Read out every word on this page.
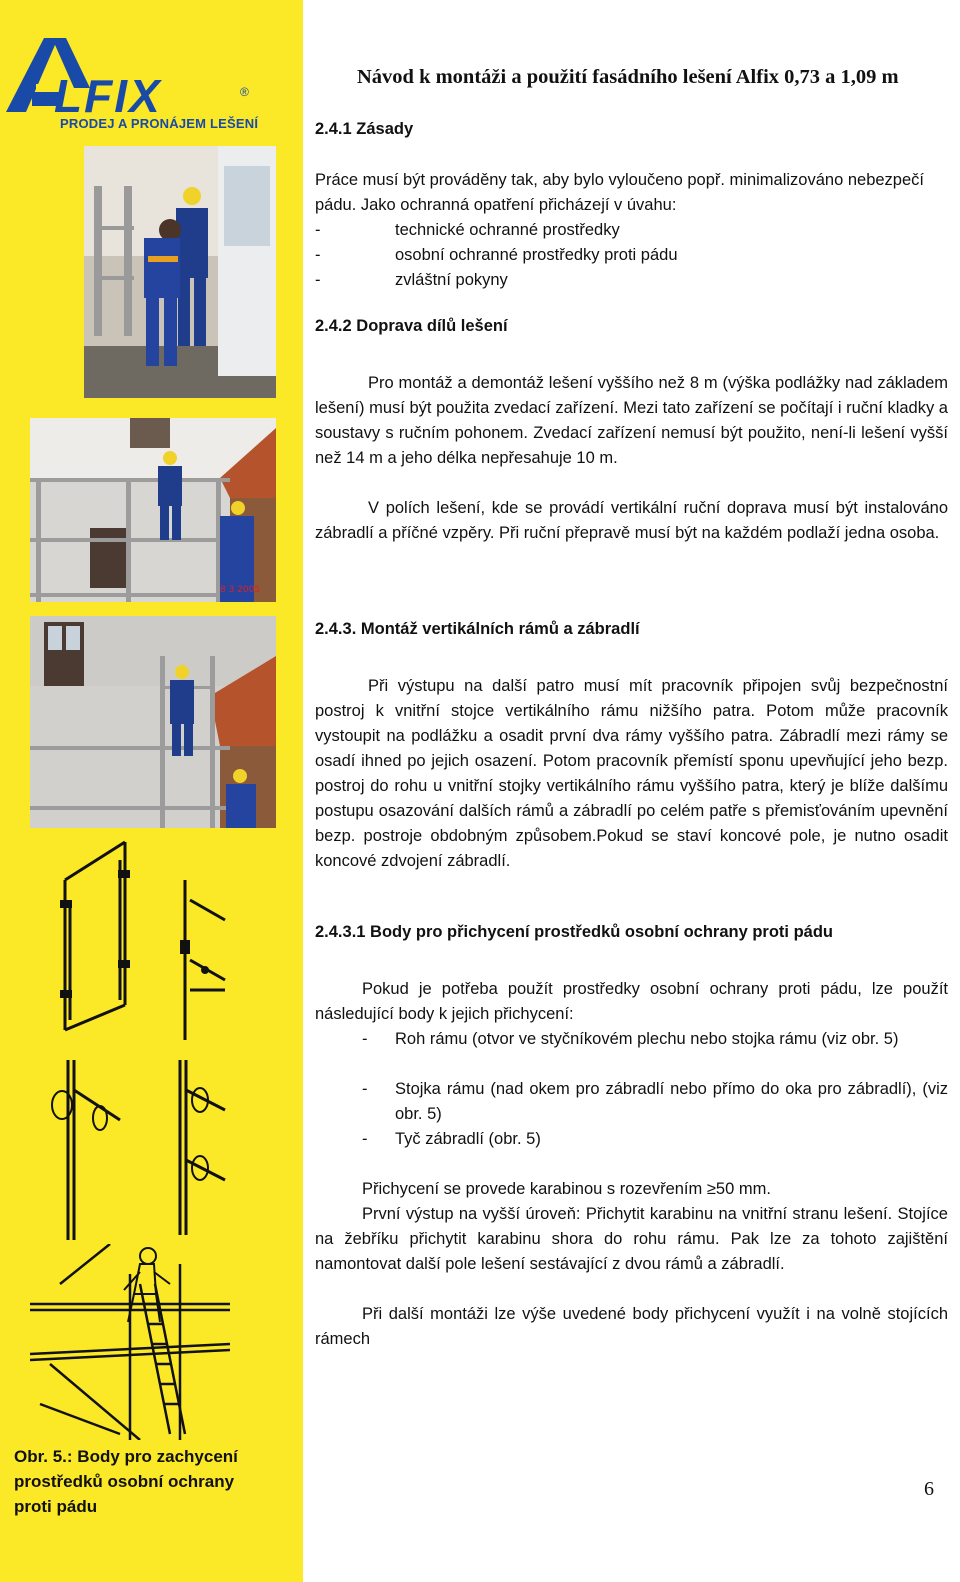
LFIX	®
PRODEJ A PRONÁJEM LEŠENÍ
8 3 2005
Obr. 5.: Body pro zachycení prostředků osobní ochrany proti pádu
Návod k montáži a použití fasádního lešení Alfix 0,73 a 1,09 m
2.4.1 Zásady
Práce musí být prováděny tak, aby bylo vyloučeno popř. minimalizováno nebezpečí pádu. Jako ochranná opatření přicházejí v úvahu:
-	technické ochranné prostředky
-	osobní ochranné prostředky proti pádu
-	zvláštní pokyny
2.4.2 Doprava dílů lešení
Pro montáž a demontáž lešení vyššího než 8 m (výška podlážky nad základem lešení) musí být použita zvedací zařízení. Mezi tato zařízení se počítají i ruční kladky a soustavy s ručním pohonem. Zvedací zařízení nemusí být použito, není-li lešení vyšší než 14 m a jeho délka nepřesahuje 10 m.
V polích lešení, kde se provádí vertikální ruční doprava musí být instalováno zábradlí a příčné vzpěry. Při ruční přepravě musí být na každém podlaží jedna osoba.
2.4.3. Montáž vertikálních rámů a zábradlí
Při výstupu na další patro musí mít pracovník připojen svůj bezpečnostní postroj k vnitřní stojce vertikálního rámu nižšího patra. Potom může pracovník vystoupit na podlážku a osadit první dva rámy vyššího patra. Zábradlí mezi rámy se osadí ihned po jejich osazení. Potom pracovník přemístí sponu upevňující jeho bezp. postroj do rohu u vnitřní stojky vertikálního rámu vyššího patra, který je blíže dalšímu postupu osazování dalších rámů a zábradlí po celém patře s přemisťováním upevnění bezp. postroje obdobným způsobem.Pokud se staví koncové pole, je nutno osadit koncové zdvojení zábradlí.
2.4.3.1 Body pro přichycení prostředků osobní ochrany proti pádu
Pokud je potřeba použít prostředky osobní ochrany proti pádu, lze použít následující body k jejich přichycení:
- Roh rámu (otvor ve styčníkovém plechu nebo stojka rámu (viz obr. 5)
- Stojka rámu (nad okem pro zábradlí nebo přímo do oka pro zábradlí), (viz obr. 5)
- Tyč zábradlí (obr. 5)
Přichycení se provede karabinou s rozevřením ≥50 mm.
První výstup na vyšší úroveň: Přichytit karabinu na vnitřní stranu lešení. Stojíce na žebříku přichytit karabinu shora do rohu rámu. Pak lze za tohoto zajištění namontovat další pole lešení sestávající z dvou rámů a zábradlí.
Při další montáži lze výše uvedené body přichycení využít i na volně stojících rámech
6
